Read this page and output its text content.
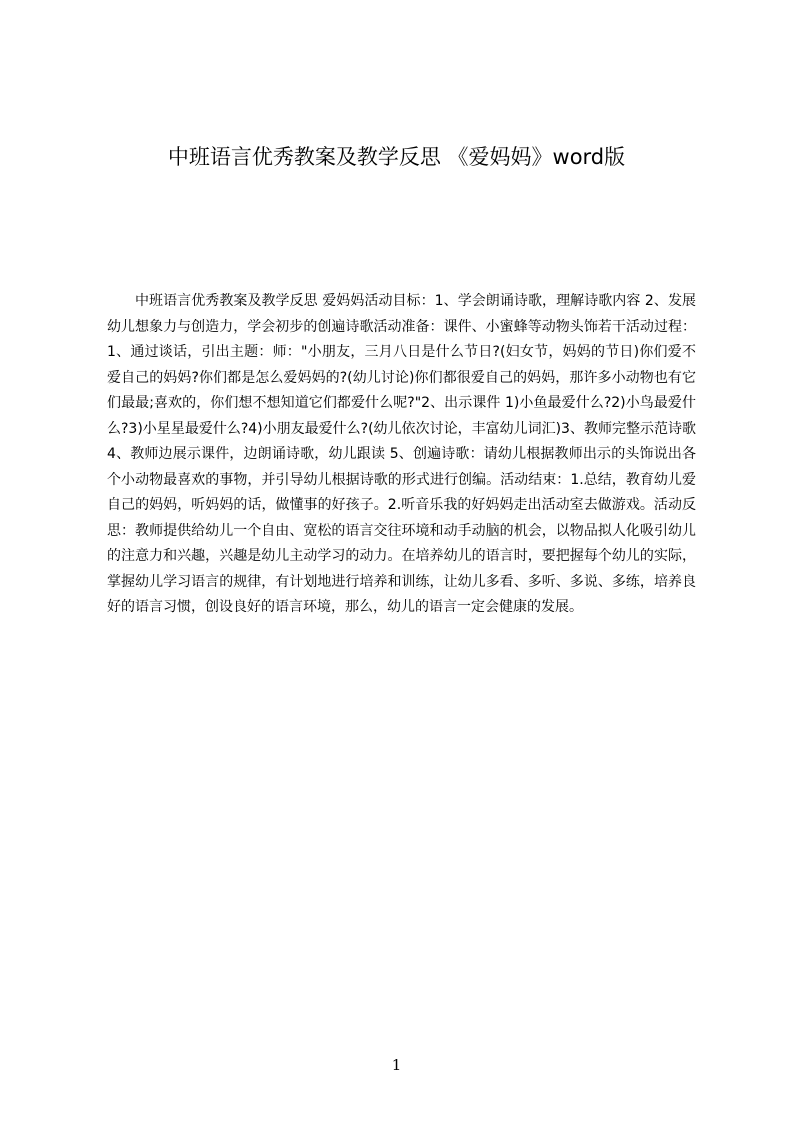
中班语言优秀教案及教学反思 《爱妈妈》word版

中班语言优秀教案及教学反思 爱妈妈活动目标：1、学会朗诵诗歌，理解诗歌内容 2、发展幼儿想象力与创造力，学会初步的创遍诗歌活动准备：课件、小蜜蜂等动物头饰若干活动过程：1、通过谈话，引出主题：师："小朋友，三月八日是什么节日?(妇女节，妈妈的节日)你们爱不爱自己的妈妈?你们都是怎么爱妈妈的?(幼儿讨论)你们都很爱自己的妈妈，那许多小动物也有它们最最;喜欢的，你们想不想知道它们都爱什么呢?"2、出示课件 1)小鱼最爱什么?2)小鸟最爱什么?3)小星星最爱什么?4)小朋友最爱什么?(幼儿依次讨论，丰富幼儿词汇)3、教师完整示范诗歌 4、教师边展示课件，边朗诵诗歌，幼儿跟读 5、创遍诗歌：请幼儿根据教师出示的头饰说出各个小动物最喜欢的事物，并引导幼儿根据诗歌的形式进行创编。活动结束：1.总结，教育幼儿爱自己的妈妈，听妈妈的话，做懂事的好孩子。2.听音乐我的好妈妈走出活动室去做游戏。活动反思：教师提供给幼儿一个自由、宽松的语言交往环境和动手动脑的机会，以物品拟人化吸引幼儿的注意力和兴趣，兴趣是幼儿主动学习的动力。在培养幼儿的语言时，要把握每个幼儿的实际，掌握幼儿学习语言的规律，有计划地进行培养和训练，让幼儿多看、多听、多说、多练，培养良好的语言习惯，创设良好的语言环境，那么，幼儿的语言一定会健康的发展。

1
